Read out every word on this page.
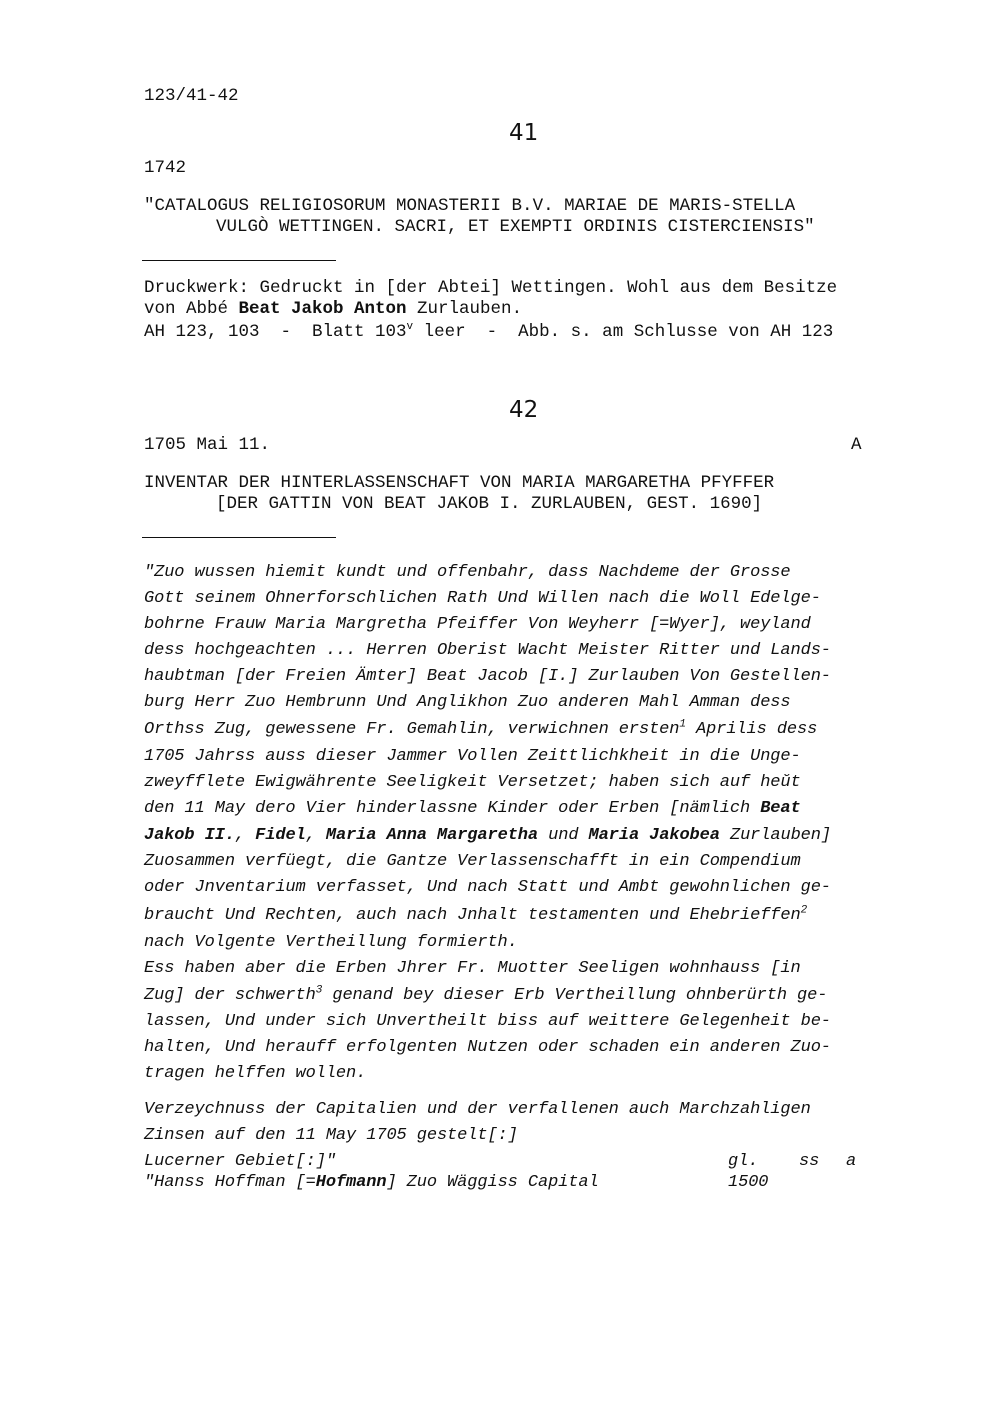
123/41-42
41
1742
"CATALOGUS RELIGIOSORUM MONASTERII B.V. MARIAE DE MARIS-STELLA
VULGÒ WETTINGEN. SACRI, ET EXEMPTI ORDINIS CISTERCIENSIS"
Druckwerk: Gedruckt in [der Abtei] Wettingen. Wohl aus dem Besitze
von Abbé Beat Jakob Anton Zurlauben.
AH 123, 103  -  Blatt 103$^v$ leer  -  Abb. s. am Schlusse von AH 123
42
1705 Mai 11.	A
INVENTAR DER HINTERLASSENSCHAFT VON MARIA MARGARETHA PFYFFER
[DER GATTIN VON BEAT JAKOB I. ZURLAUBEN, GEST. 1690]
"Zuo wussen hiemit kundt und offenbahr, dass Nachdeme der Grosse
Gott seinem Ohnerforschlichen Rath Und Willen nach die Woll Edelge-
bohrne Frauw Maria Margretha Pfeiffer Von Weyherr [=Wyer], weyland
dess hochgeachten ... Herren Oberist Wacht Meister Ritter und Lands-
haubtman [der Freien Ämter] Beat Jacob [I.] Zurlauben Von Gestellen-
burg Herr Zuo Hembrunn Und Anglikhon Zuo anderen Mahl Amman dess
Orthss Zug, gewessene Fr. Gemahlin, verwichnen ersten$^1$ Aprilis dess
1705 Jahrss auss dieser Jammer Vollen Zeittlichkheit in die Unge-
zweyfflete Ewigwährente Seeligkeit Versetzet; haben sich auf heŭt
den 11 May dero Vier hinderlassne Kinder oder Erben [nämlich Beat
Jakob II., Fidel, Maria Anna Margaretha und Maria Jakobea Zurlauben]
Zuosammen verfüegt, die Gantze Verlassenschafft in ein Compendium
oder Jnventarium verfasset, Und nach Statt und Ambt gewohnlichen ge-
braucht Und Rechten, auch nach Jnhalt testamenten und Ehebrieffen$^2$
nach Volgente Vertheillung formierth.
Ess haben aber die Erben Jhrer Fr. Muotter Seeligen wohnhauss [in
Zug] der schwerth$^3$ genand bey dieser Erb Vertheillung ohnberürth ge-
lassen, Und under sich Unvertheilt biss auf weittere Gelegenheit be-
halten, Und herauff erfolgenten Nutzen oder schaden ein anderen Zuo-
tragen helffen wollen.
Verzeychnuss der Capitalien und der verfallenen auch Marchzahligen
Zinsen auf den 11 May 1705 gestelt[:]
Lucerner Gebiet[:]"	gl. ss a
"Hanss Hoffman [=Hofmann] Zuo Wäggiss Capital	1500
